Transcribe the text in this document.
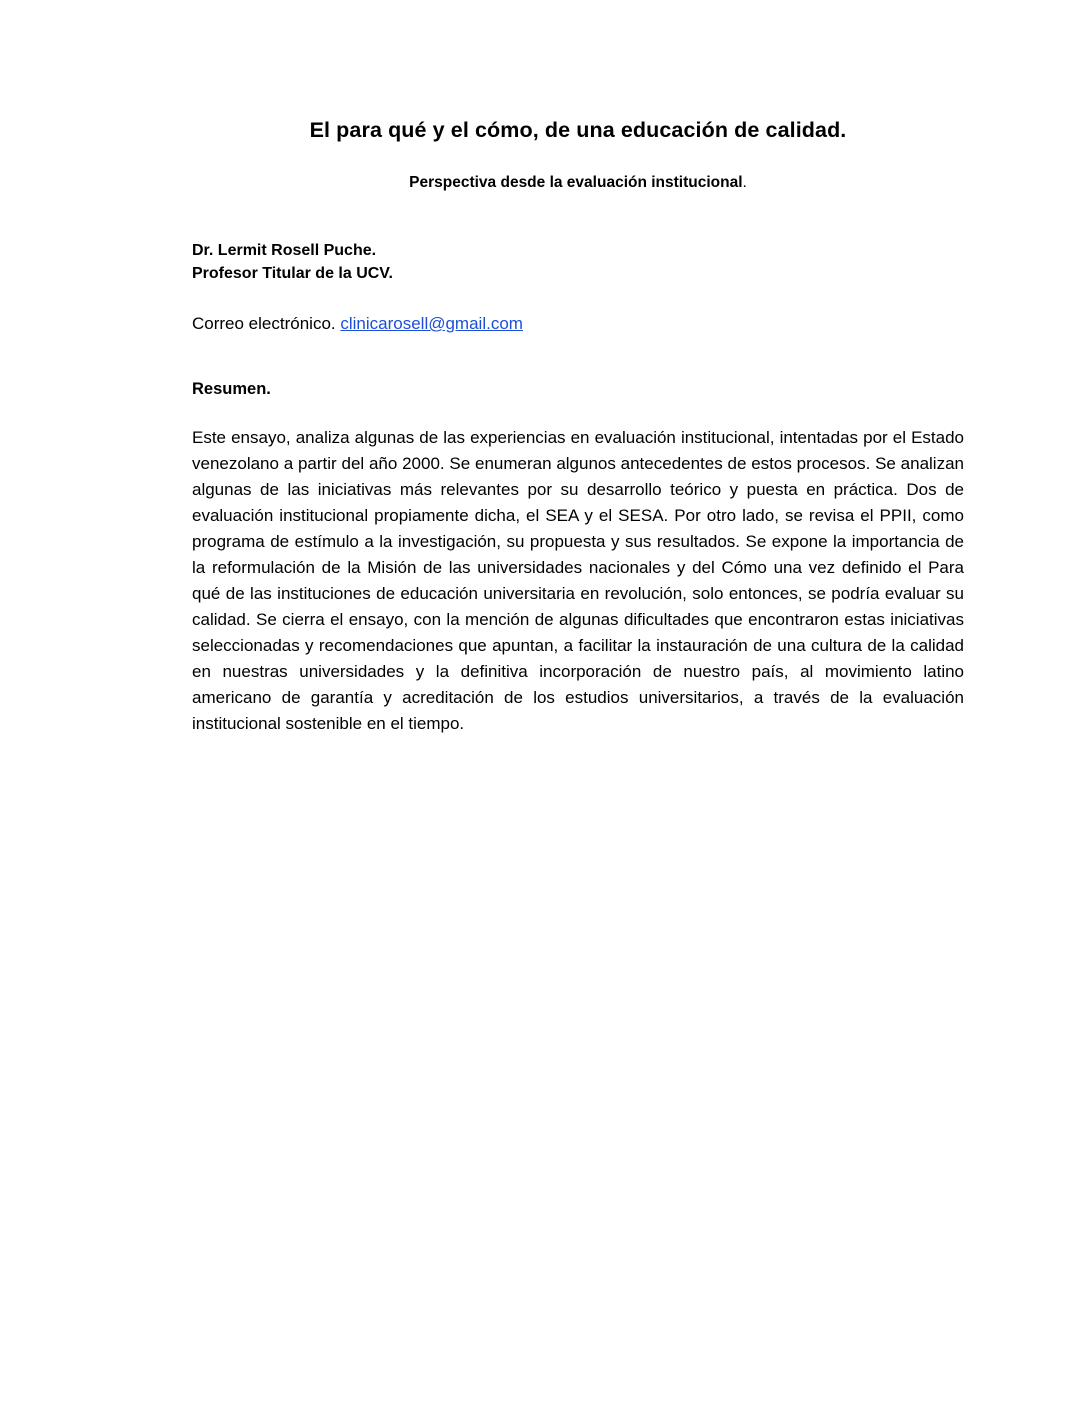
El para qué y el cómo, de una educación de calidad.

Perspectiva desde la evaluación institucional.

Dr. Lermit Rosell Puche.
Profesor Titular de la UCV.

Correo electrónico. clinicarosell@gmail.com

Resumen.

Este ensayo, analiza algunas de las experiencias en evaluación institucional, intentadas por el Estado venezolano a partir del año 2000. Se enumeran algunos antecedentes de estos procesos. Se analizan algunas de las iniciativas más relevantes por su desarrollo teórico y puesta en práctica. Dos de evaluación institucional propiamente dicha, el SEA y el SESA. Por otro lado, se revisa el PPII, como programa de estímulo a la investigación, su propuesta y sus resultados. Se expone la importancia de la reformulación de la Misión de las universidades nacionales y del Cómo una vez definido el Para qué de las instituciones de educación universitaria en revolución, solo entonces, se podría evaluar su calidad. Se cierra el ensayo, con la mención de algunas dificultades que encontraron estas iniciativas seleccionadas y recomendaciones que apuntan, a facilitar la instauración de una cultura de la calidad en nuestras universidades y la definitiva incorporación de nuestro país, al movimiento latino americano de garantía y acreditación de los estudios universitarios, a través de la evaluación institucional sostenible en el tiempo.
